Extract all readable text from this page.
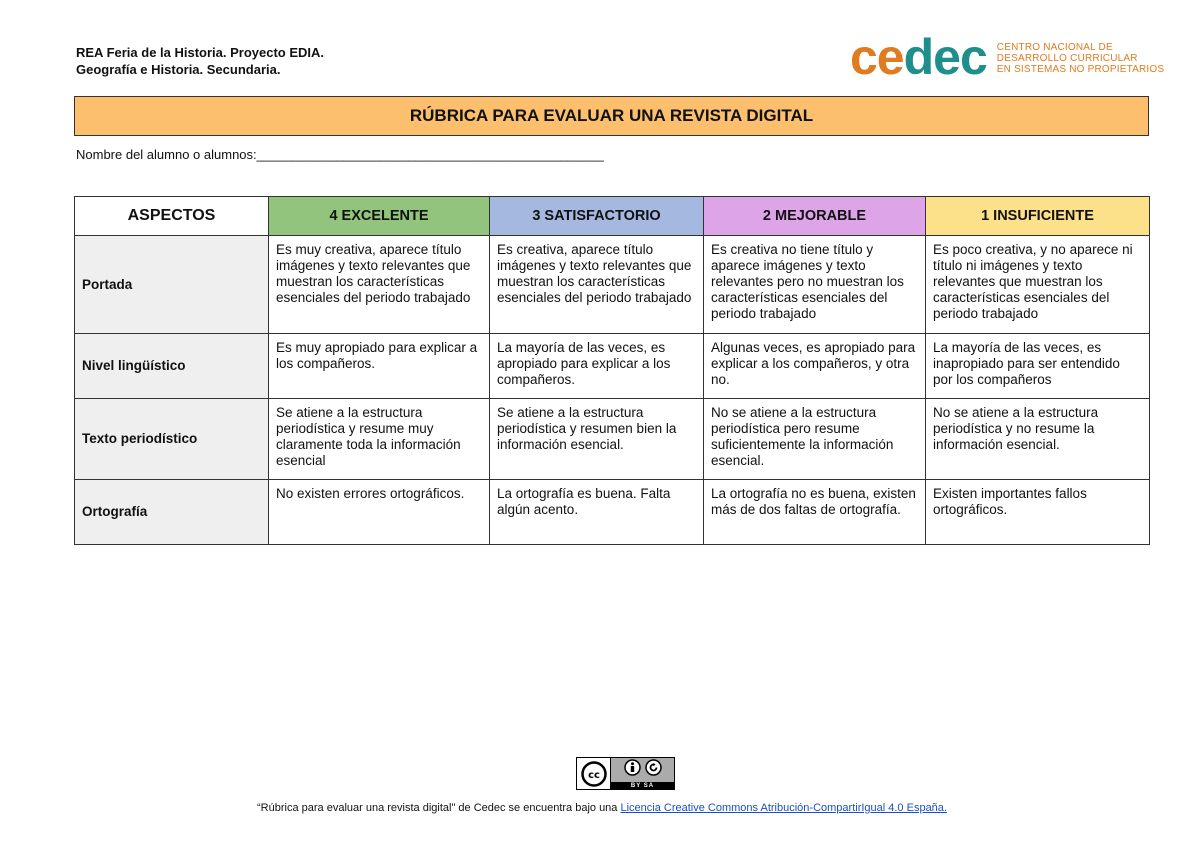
REA Feria de la Historia. Proyecto EDIA.
Geografía e Historia. Secundaria.	cedec CENTRO NACIONAL DE
DESARROLLO CURRICULAR
EN SISTEMAS NO PROPIETARIOS
RÚBRICA PARA EVALUAR UNA REVISTA DIGITAL
Nombre del alumno o alumnos:________________________________________________
ASPECTOS	4 EXCELENTE	3 SATISFACTORIO	2 MEJORABLE	1 INSUFICIENTE
Portada	Es muy creativa, aparece título imágenes y texto relevantes que muestran los características esenciales del periodo trabajado	Es creativa, aparece título imágenes y texto relevantes que muestran los características esenciales del periodo trabajado	Es creativa no tiene título y aparece imágenes y texto relevantes pero no muestran los características esenciales del periodo trabajado	Es poco creativa, y no aparece ni título ni imágenes y texto relevantes que muestran los características esenciales del periodo trabajado
Nivel lingüístico	Es muy apropiado para explicar a los compañeros.	La mayoría de las veces, es apropiado para explicar a los compañeros.	Algunas veces, es apropiado para explicar a los compañeros, y otra no.	La mayoría de las veces, es inapropiado para ser entendido por los compañeros
Texto periodístico	Se atiene a la estructura periodística y resume muy claramente toda la información esencial	Se atiene a la estructura periodística y resumen bien la información esencial.	No se atiene a la estructura periodística pero resume suficientemente la información esencial.	No se atiene a la estructura periodística y no resume la información esencial.
Ortografía	No existen errores ortográficos.	La ortografía es buena. Falta algún acento.	La ortografía no es buena, existen más de dos faltas de ortografía.	Existen importantes fallos ortográficos.
cc
BY SA
“Rúbrica para evaluar una revista digital" de Cedec se encuentra bajo una Licencia Creative Commons Atribución-CompartirIgual 4.0 España.
